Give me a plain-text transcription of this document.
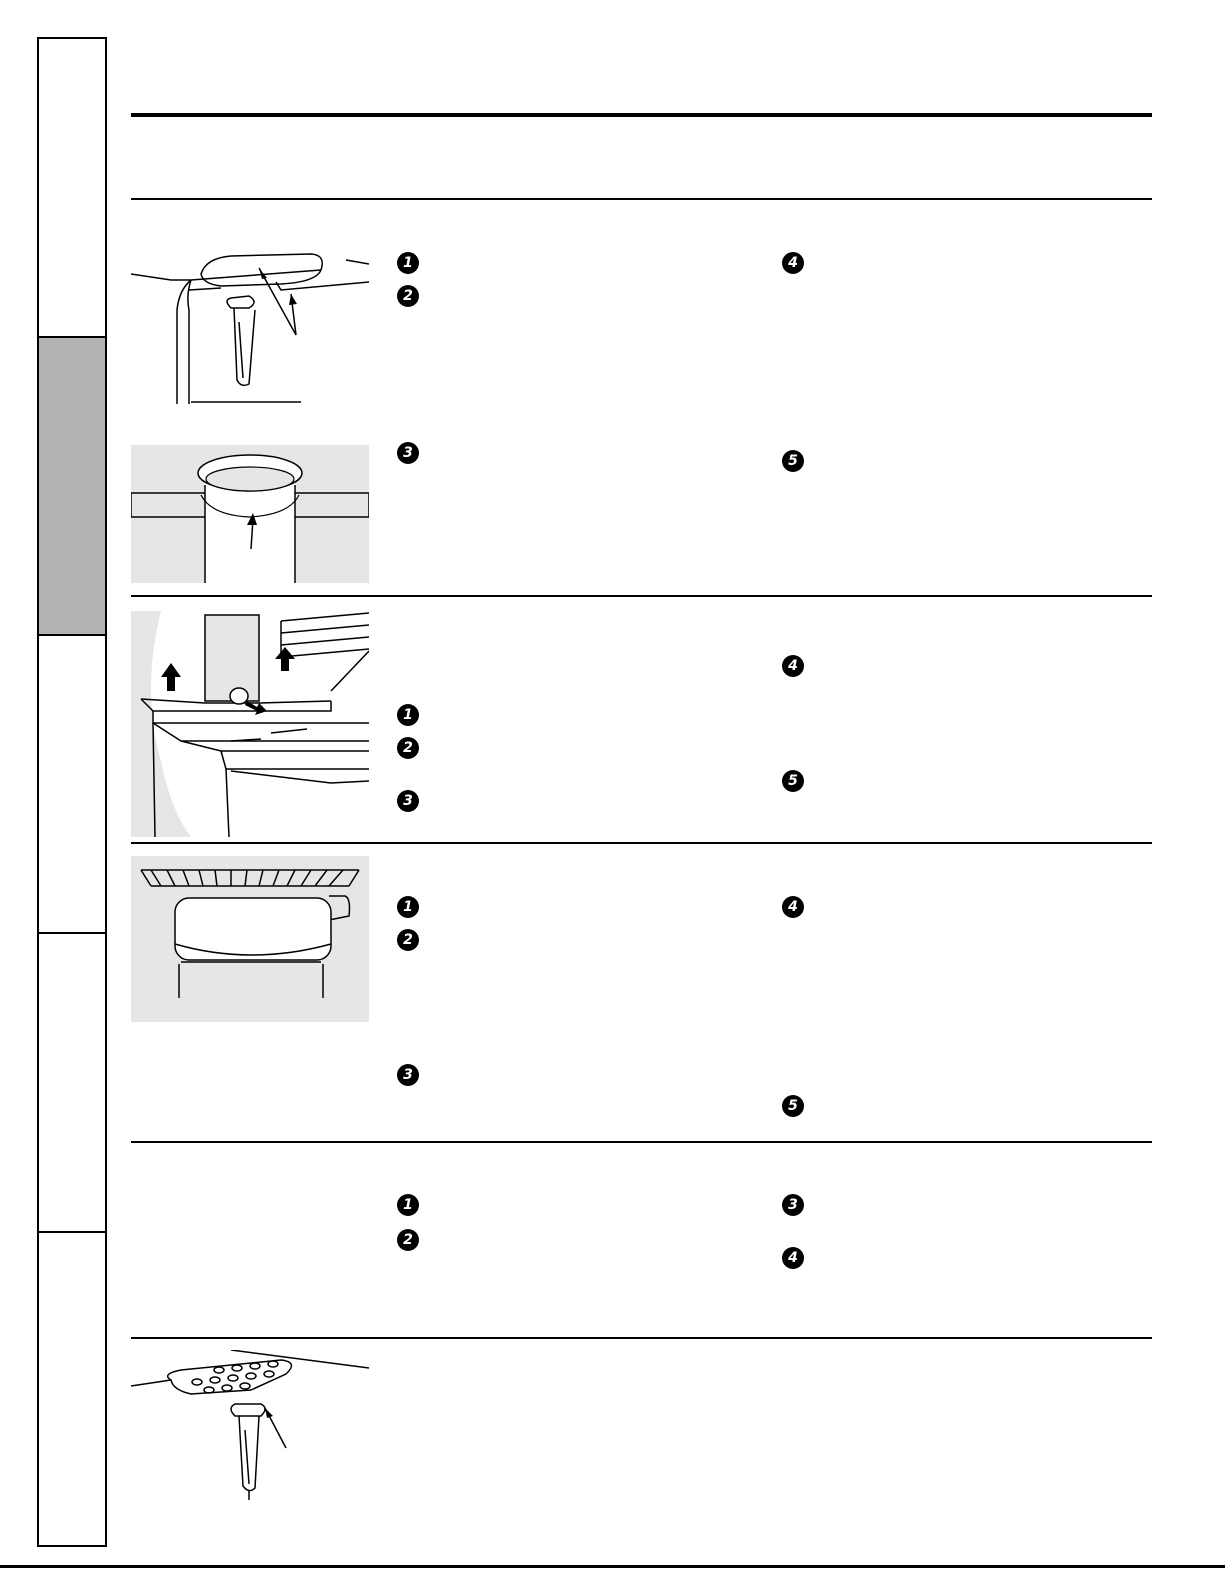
1
2
3
4
5
1
2
3
4
5
1
2
3
4
5
1
2
3
4
